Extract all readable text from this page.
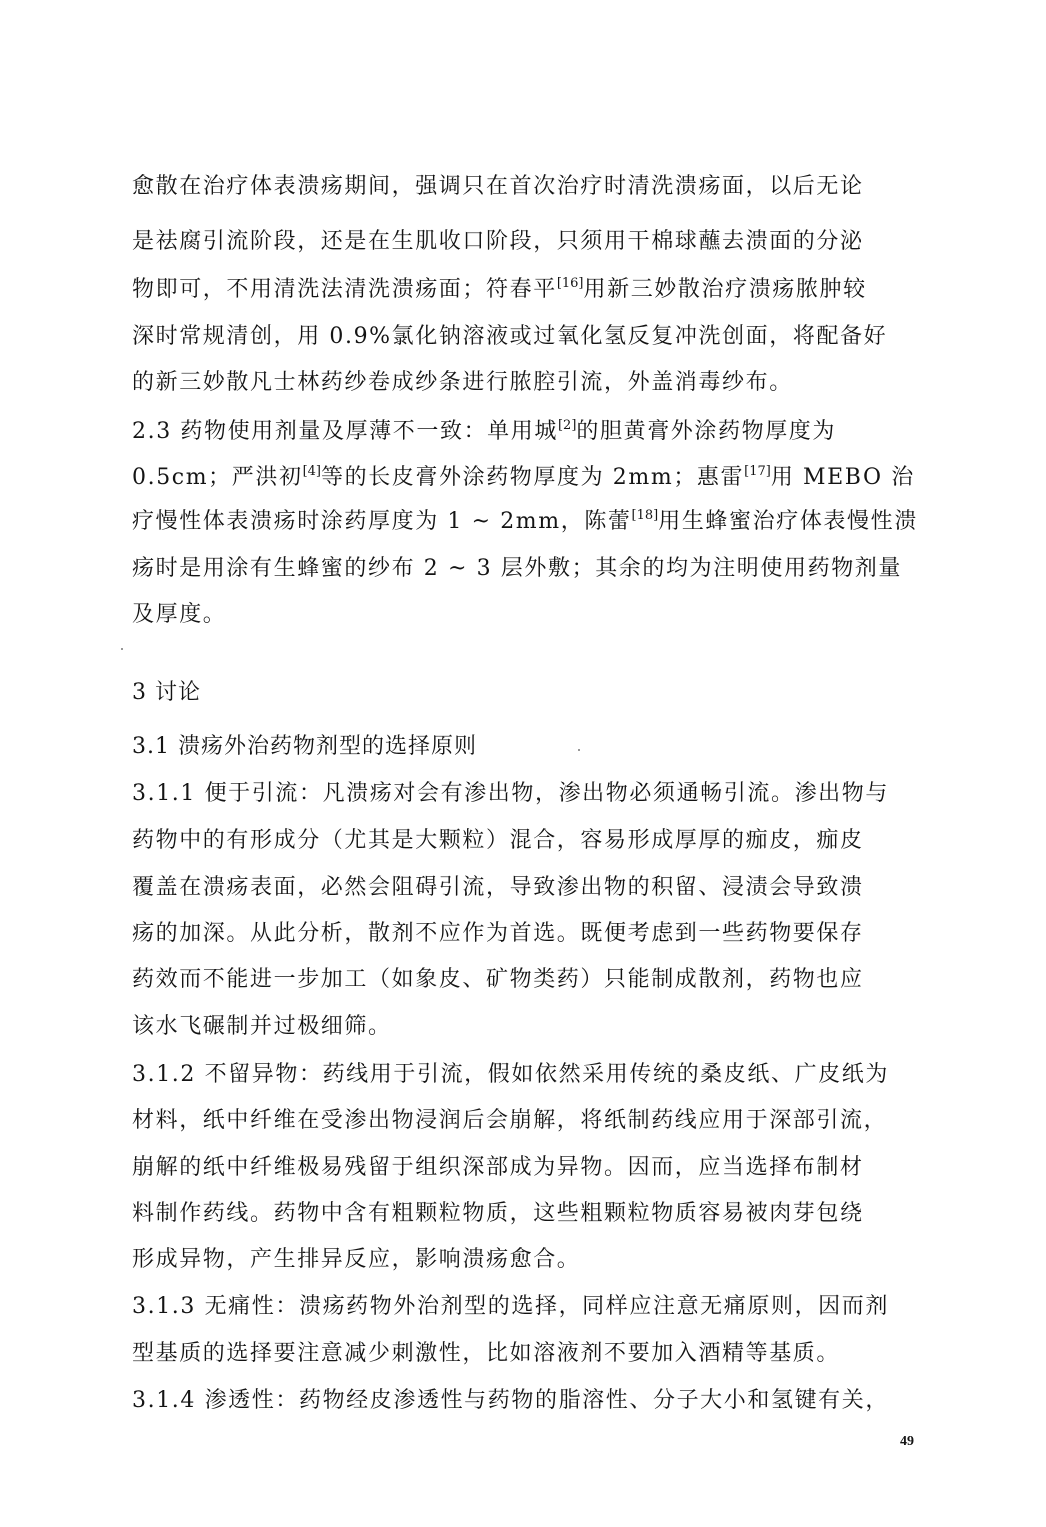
愈散在治疗体表溃疡期间，强调只在首次治疗时清洗溃疡面，以后无论
是祛腐引流阶段，还是在生肌收口阶段，只须用干棉球蘸去溃面的分泌
物即可，不用清洗法清洗溃疡面；符春平[16]用新三妙散治疗溃疡脓肿较
深时常规清创，用 0.9%氯化钠溶液或过氧化氢反复冲洗创面，将配备好
的新三妙散凡士林药纱卷成纱条进行脓腔引流，外盖消毒纱布。
2.3 药物使用剂量及厚薄不一致：单用城[2]的胆黄膏外涂药物厚度为
0.5cm；严洪初[4]等的长皮膏外涂药物厚度为 2mm；惠雷[17]用 MEBO 治
疗慢性体表溃疡时涂药厚度为 1 ~ 2mm，陈蕾[18]用生蜂蜜治疗体表慢性溃
疡时是用涂有生蜂蜜的纱布 2 ~ 3 层外敷；其余的均为注明使用药物剂量
及厚度。
3 讨论
3.1 溃疡外治药物剂型的选择原则
3.1.1 便于引流：凡溃疡对会有渗出物，渗出物必须通畅引流。渗出物与
药物中的有形成分（尤其是大颗粒）混合，容易形成厚厚的痂皮，痂皮
覆盖在溃疡表面，必然会阻碍引流，导致渗出物的积留、浸渍会导致溃
疡的加深。从此分析，散剂不应作为首选。既便考虑到一些药物要保存
药效而不能进一步加工（如象皮、矿物类药）只能制成散剂，药物也应
该水飞碾制并过极细筛。
3.1.2 不留异物：药线用于引流，假如依然采用传统的桑皮纸、广皮纸为
材料，纸中纤维在受渗出物浸润后会崩解，将纸制药线应用于深部引流，
崩解的纸中纤维极易残留于组织深部成为异物。因而，应当选择布制材
料制作药线。药物中含有粗颗粒物质，这些粗颗粒物质容易被肉芽包绕
形成异物，产生排异反应，影响溃疡愈合。
3.1.3 无痛性：溃疡药物外治剂型的选择，同样应注意无痛原则，因而剂
型基质的选择要注意减少刺激性，比如溶液剂不要加入酒精等基质。
3.1.4 渗透性：药物经皮渗透性与药物的脂溶性、分子大小和氢键有关，
49
